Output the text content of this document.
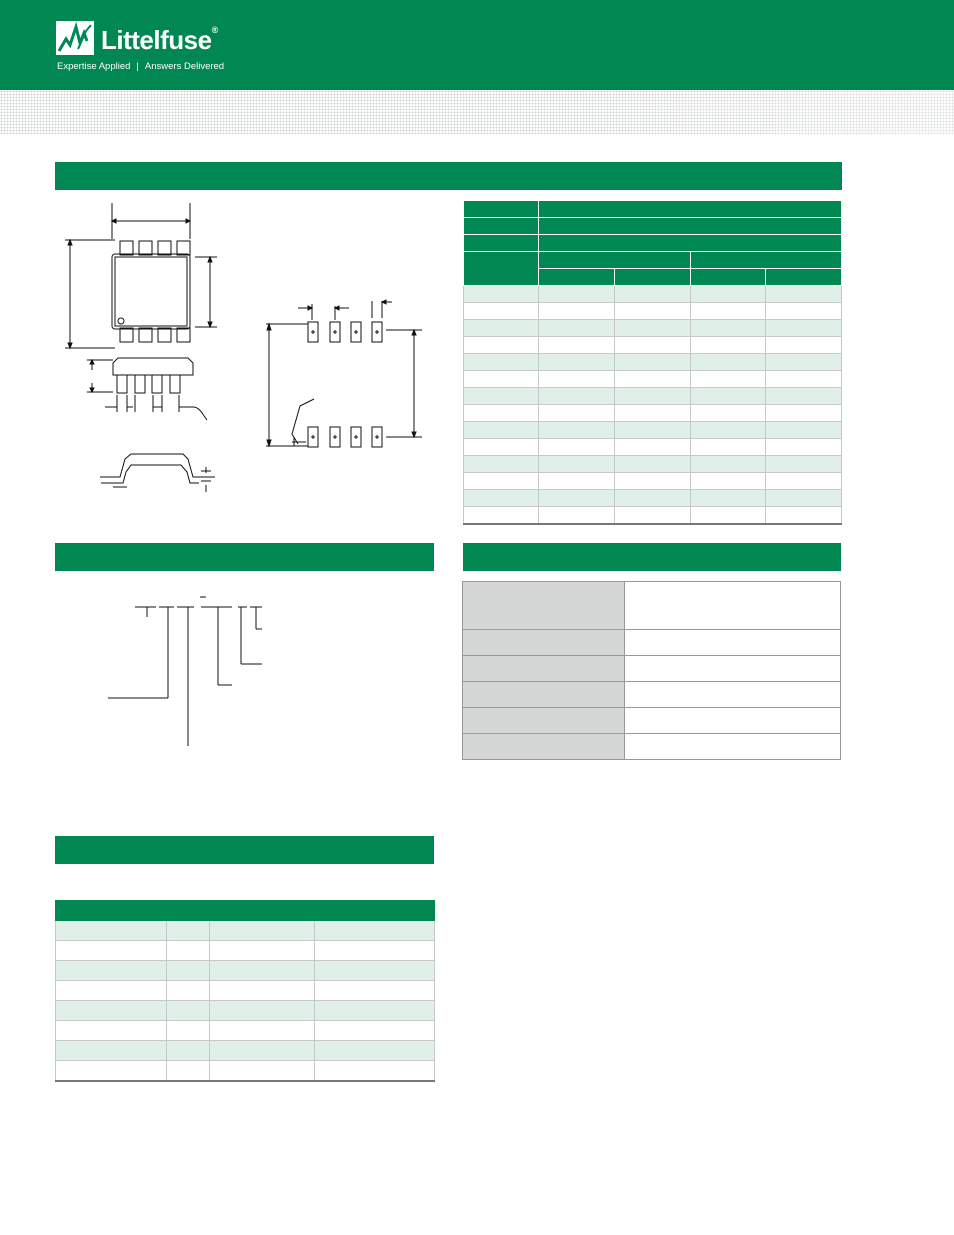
Littelfuse®
Expertise Applied | Answers Delivered
